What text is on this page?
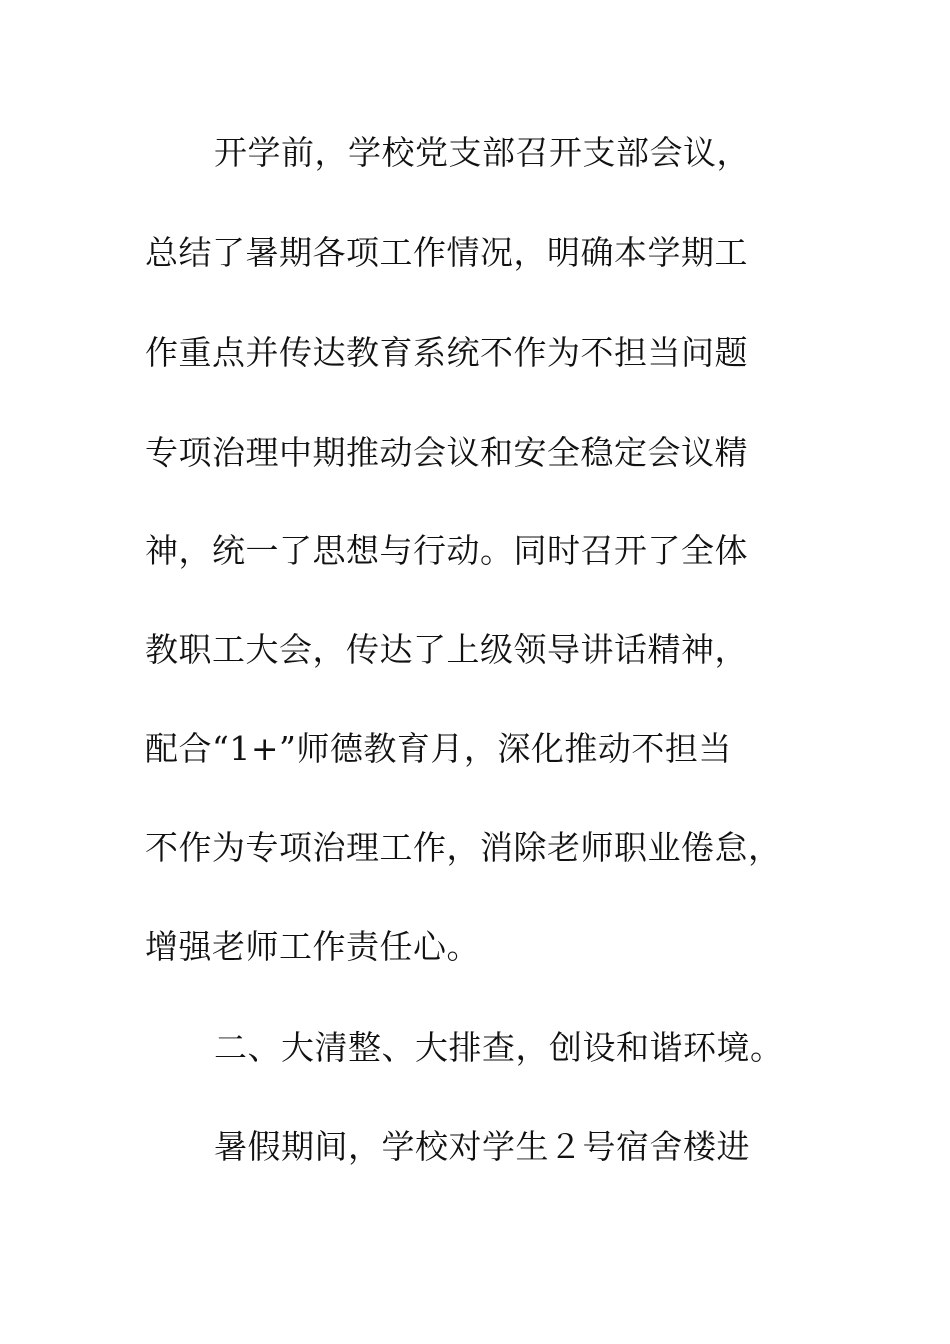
开学前，学校党支部召开支部会议，
总结了暑期各项工作情况，明确本学期工
作重点并传达教育系统不作为不担当问题
专项治理中期推动会议和安全稳定会议精
神，统一了思想与行动。同时召开了全体
教职工大会，传达了上级领导讲话精神，
配合“1+”师德教育月，深化推动不担当
不作为专项治理工作，消除老师职业倦怠，
增强老师工作责任心。
二、大清整、大排查，创设和谐环境。
暑假期间，学校对学生２号宿舍楼进
